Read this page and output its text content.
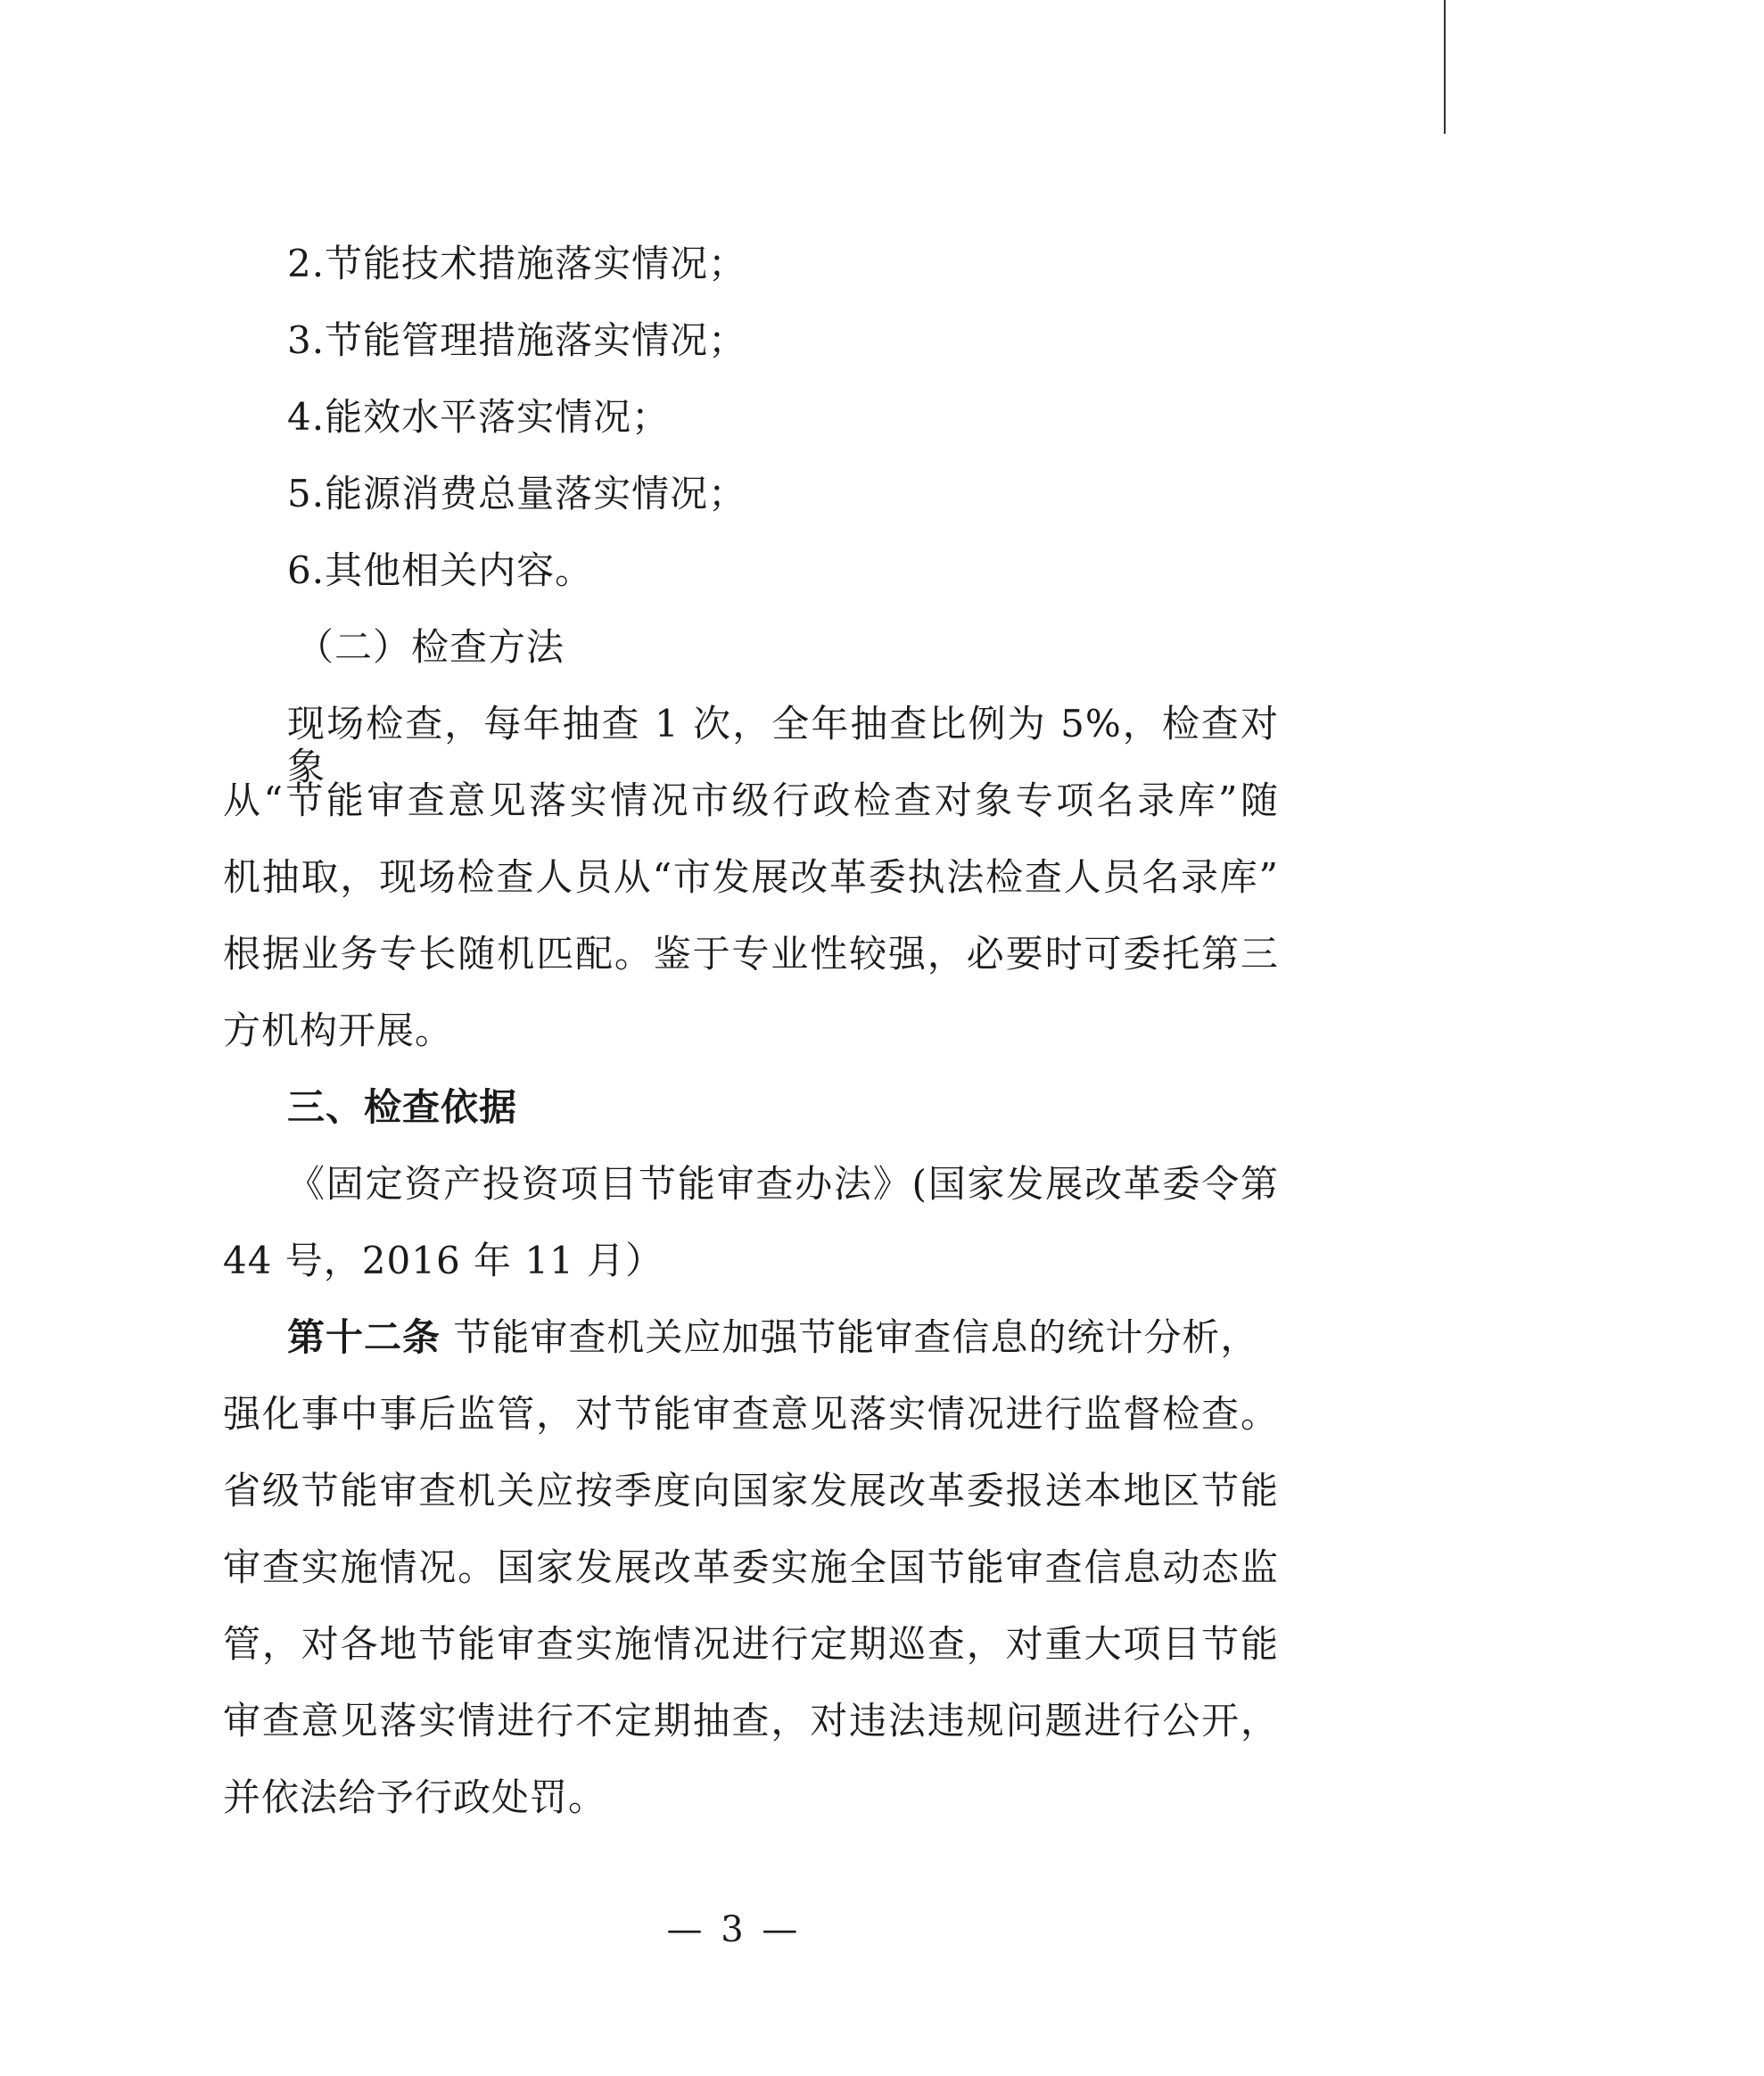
2.节能技术措施落实情况；
3.节能管理措施落实情况；
4.能效水平落实情况；
5.能源消费总量落实情况；
6.其他相关内容。
（二）检查方法
现场检查，每年抽查 1 次，全年抽查比例为 5%，检查对象
从“节能审查意见落实情况市级行政检查对象专项名录库”随
机抽取，现场检查人员从“市发展改革委执法检查人员名录库”
根据业务专长随机匹配。鉴于专业性较强，必要时可委托第三
方机构开展。
三、检查依据
《固定资产投资项目节能审查办法》(国家发展改革委令第
44 号，2016 年 11 月）
第十二条 节能审查机关应加强节能审查信息的统计分析，
强化事中事后监管，对节能审查意见落实情况进行监督检查。
省级节能审查机关应按季度向国家发展改革委报送本地区节能
审查实施情况。国家发展改革委实施全国节能审查信息动态监
管，对各地节能审查实施情况进行定期巡查，对重大项目节能
审查意见落实情进行不定期抽查，对违法违规问题进行公开，
并依法给予行政处罚。
— 3 —
